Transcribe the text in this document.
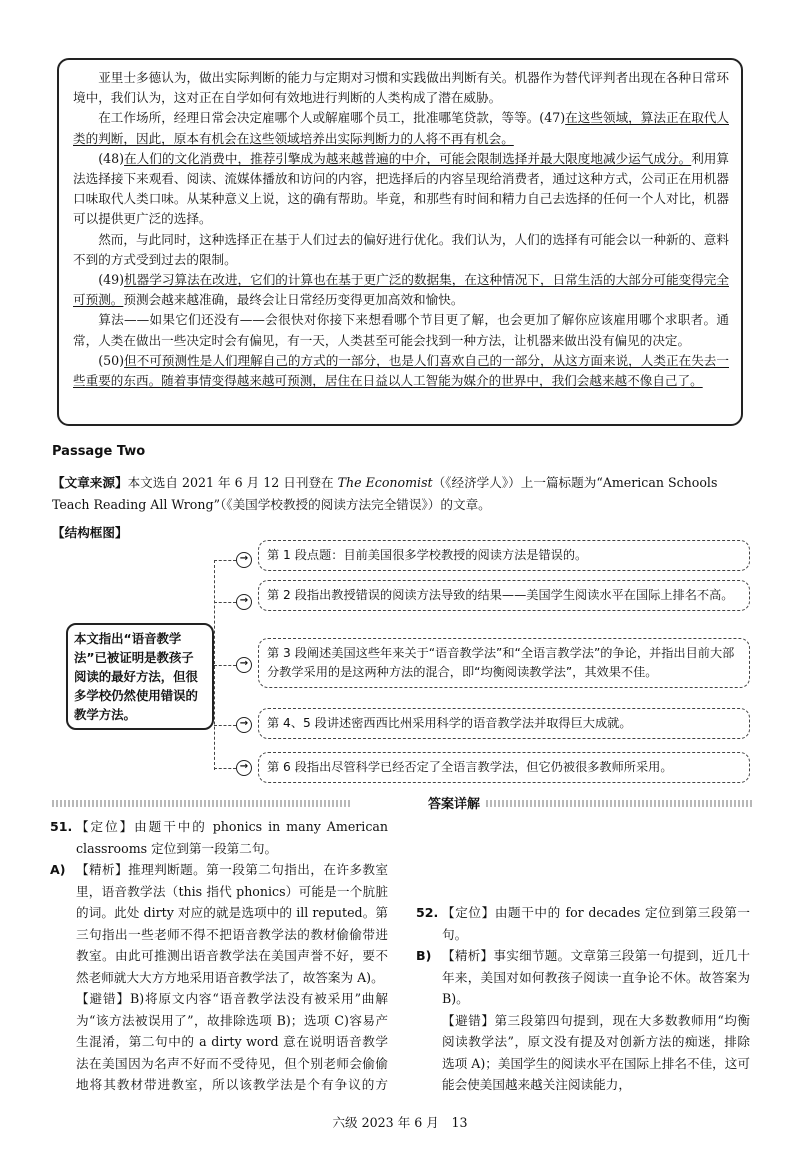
亚里士多德认为，做出实际判断的能力与定期对习惯和实践做出判断有关。机器作为替代评判者出现在各种日常环境中，我们认为，这对正在自学如何有效地进行判断的人类构成了潜在威胁。

在工作场所，经理日常会决定雇哪个人或解雇哪个员工，批准哪笔贷款，等等。(47)在这些领域，算法正在取代人类的判断，因此，原本有机会在这些领域培养出实际判断力的人将不再有机会。

(48)在人们的文化消费中，推荐引擎成为越来越普遍的中介，可能会限制选择并最大限度地减少运气成分。利用算法选择接下来观看、阅读、流媒体播放和访问的内容，把选择后的内容呈现给消费者，通过这种方式，公司正在用机器口味取代人类口味。从某种意义上说，这的确有帮助。毕竟，和那些有时间和精力自己去选择的任何一个人对比，机器可以提供更广泛的选择。

然而，与此同时，这种选择正在基于人们过去的偏好进行优化。我们认为，人们的选择有可能会以一种新的、意料不到的方式受到过去的限制。

(49)机器学习算法在改进，它们的计算也在基于更广泛的数据集，在这种情况下，日常生活的大部分可能变得完全可预测。预测会越来越准确，最终会让日常经历变得更加高效和愉快。

算法——如果它们还没有——会很快对你接下来想看哪个节目更了解，也会更加了解你应该雇用哪个求职者。通常，人类在做出一些决定时会有偏见，有一天，人类甚至可能会找到一种方法，让机器来做出没有偏见的决定。

(50)但不可预测性是人们理解自己的方式的一部分，也是人们喜欢自己的一部分，从这方面来说，人类正在失去一些重要的东西。随着事情变得越来越可预测，居住在日益以人工智能为媒介的世界中，我们会越来越不像自己了。

Passage Two
【文章来源】本文选自 2021 年 6 月 12 日刊登在 The Economist（《经济学人》）上一篇标题为“American Schools Teach Reading All Wrong”（《美国学校教授的阅读方法完全错误》）的文章。
【结构框图】
本文指出“语音教学法”已被证明是教孩子阅读的最好方法，但很多学校仍然使用错误的教学方法。
→	第 1 段点题：目前美国很多学校教授的阅读方法是错误的。
→	第 2 段指出教授错误的阅读方法导致的结果——美国学生阅读水平在国际上排名不高。
→
第 3 段阐述美国这些年来关于“语音教学法”和“全语言教学法”的争论，并指出目前大部分教学采用的是这两种方法的混合，即“均衡阅读教学法”，其效果不佳。
→	第 4、5 段讲述密西西比州采用科学的语音教学法并取得巨大成就。
→	第 6 段指出尽管科学已经否定了全语言教学法，但它仍被很多教师所采用。
答案详解
51. 【定位】由题干中的 phonics in many American classrooms 定位到第一段第二句。
A) 【精析】推理判断题。第一段第二句指出，在许多教室里，语音教学法（this 指代 phonics）可能是一个肮脏的词。此处 dirty 对应的就是选项中的 ill reputed。第三句指出一些老师不得不把语音教学法的教材偷偷带进教室。由此可推测出语音教学法在美国声誉不好，要不然老师就大大方方地采用语音教学法了，故答案为 A)。
【避错】B)将原文内容“语音教学法没有被采用”曲解为“该方法被误用了”，故排除选项 B)；选项 C)容易产生混淆，第二句中的 a dirty word 意在说明语音教学法在美国因为名声不好而不受待见，但个别老师会偷偷地将其教材带进教室，所以该教学法是个有争议的方
52. 【定位】由题干中的 for decades 定位到第三段第一句。
B) 【精析】事实细节题。文章第三段第一句提到，近几十年来，美国对如何教孩子阅读一直争论不休。故答案为 B)。
【避错】第三段第四句提到，现在大多数教师用“均衡阅读教学法”，原文没有提及对创新方法的痴迷，排除选项 A)；美国学生的阅读水平在国际上排名不佳，这可能会使美国越来越关注阅读能力，
六级 2023 年 6 月　13
